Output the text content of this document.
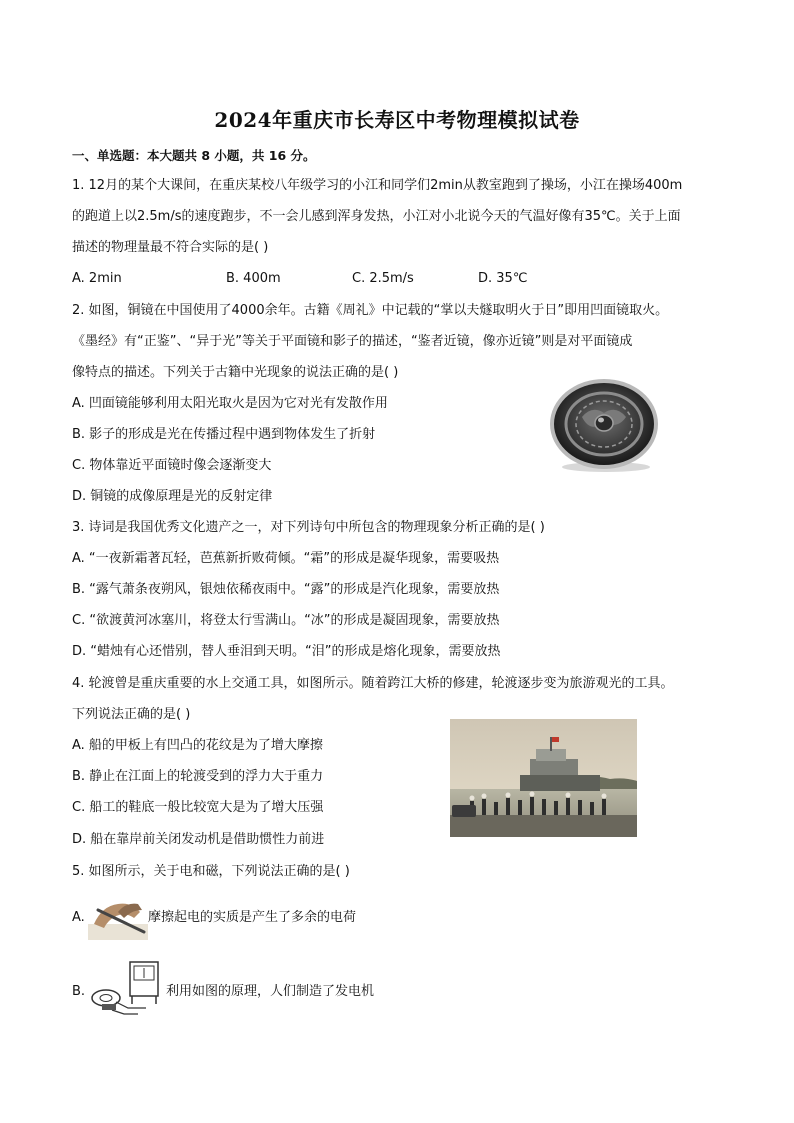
2024年重庆市长寿区中考物理模拟试卷
一、单选题：本大题共 8 小题，共 16 分。
1. 12月的某个大课间，在重庆某校八年级学习的小江和同学们2min从教室跑到了操场，小江在操场400m
的跑道上以2.5m/s的速度跑步，不一会儿感到浑身发热，小江对小北说今天的气温好像有35℃。关于上面
描述的物理量最不符合实际的是( )
A. 2min	B. 400m	C. 2.5m/s	D. 35℃
2. 如图，铜镜在中国使用了4000余年。古籍《周礼》中记载的“掌以夫燧取明火于日”即用凹面镜取火。
《墨经》有“正鉴”、“异于光”等关于平面镜和影子的描述，“鉴者近镜，像亦近镜”则是对平面镜成
像特点的描述。下列关于古籍中光现象的说法正确的是( )
A. 凹面镜能够利用太阳光取火是因为它对光有发散作用
B. 影子的形成是光在传播过程中遇到物体发生了折射
C. 物体靠近平面镜时像会逐渐变大
D. 铜镜的成像原理是光的反射定律
3. 诗词是我国优秀文化遗产之一，对下列诗句中所包含的物理现象分析正确的是( )
A. “一夜新霜著瓦轻，芭蕉新折败荷倾。“霜”的形成是凝华现象，需要吸热
B. “露气萧条夜朔风，银烛依稀夜雨中。“露”的形成是汽化现象，需要放热
C. “欲渡黄河冰塞川，将登太行雪满山。“冰”的形成是凝固现象，需要放热
D. “蜡烛有心还惜别，替人垂泪到天明。“泪”的形成是熔化现象，需要放热
4. 轮渡曾是重庆重要的水上交通工具，如图所示。随着跨江大桥的修建，轮渡逐步变为旅游观光的工具。
下列说法正确的是( )
A. 船的甲板上有凹凸的花纹是为了增大摩擦
B. 静止在江面上的轮渡受到的浮力大于重力
C. 船工的鞋底一般比较宽大是为了增大压强
D. 船在靠岸前关闭发动机是借助惯性力前进
5. 如图所示，关于电和磁，下列说法正确的是( )
A.	摩擦起电的实质是产生了多余的电荷
B.	利用如图的原理，人们制造了发电机
